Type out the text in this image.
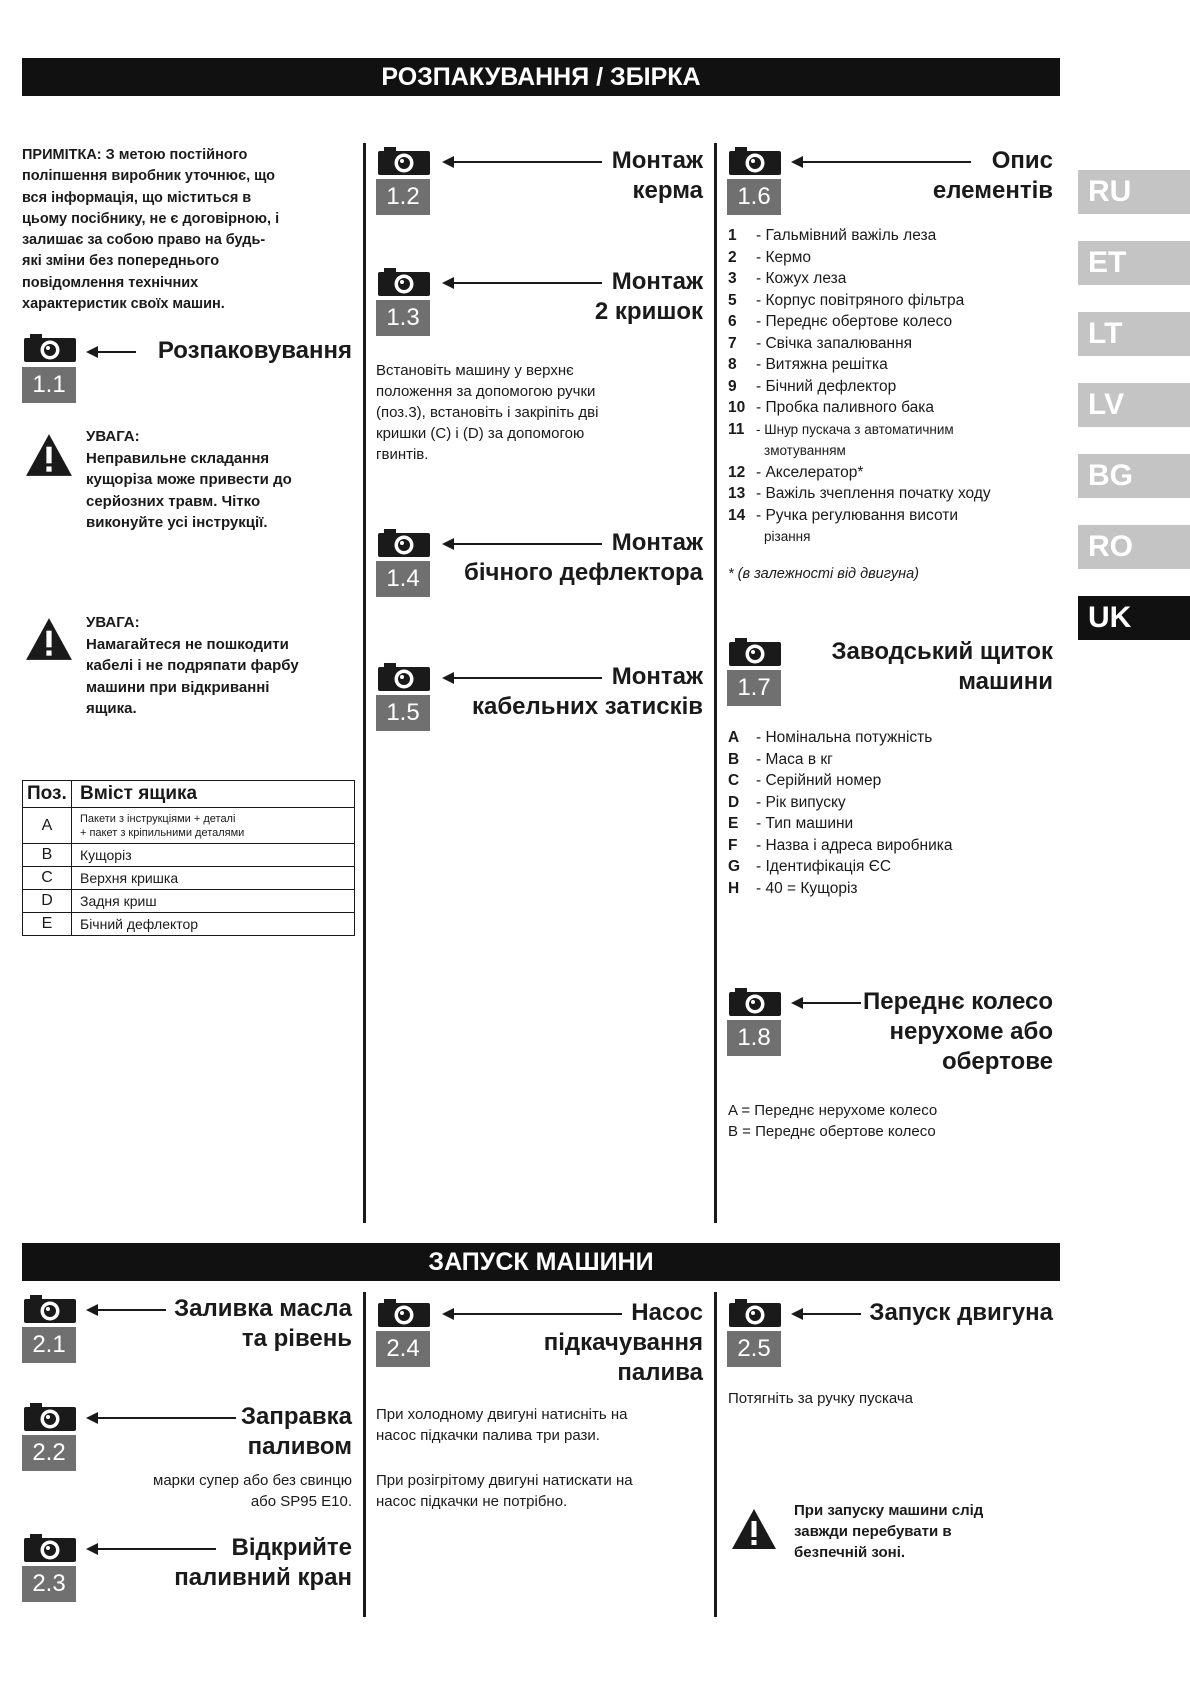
РОЗПАКУВАННЯ / ЗБІРКА
ПРИМІТКА: З метою постійного
поліпшення виробник уточнює, що
вся інформація, що міститься в
цьому посібнику, не є договірною, і
залишає за собою право на будь-
які зміни без попереднього
повідомлення технічних
характеристик своїх машин.
1.1
Розпаковування
УВАГА:
Неправильне складання
кущоріза може привести до
серйозних травм. Чітко
виконуйте усі інструкції.
УВАГА:
Намагайтеся не пошкодити
кабелі і не подряпати фарбу
машини при відкриванні
ящика.
Поз.	Вміст ящика
A	Пакети з інструкціями + деталі
+ пакет з кріпильними деталями

B	Кущоріз
C	Верхня кришка
D	Задня криш
E	Бічний дефлектор
1.2
Монтаж
керма
1.3
Монтаж
2 кришок
Встановіть машину у верхнє
положення за допомогою ручки
(поз.3), встановіть і закріпіть дві
кришки (C) і (D) за допомогою
гвинтів.
1.4
Монтаж
бічного дефлектора
1.5
Монтаж
кабельних затисків
1.6
Опис
елементів
1	- Гальмівний важіль леза
2	- Кермо
3	- Кожух леза
5	- Корпус повітряного фільтра
6	- Переднє обертове колесо
7	- Свічка запалювання
8	- Витяжна решітка
9	- Бічний дефлектор
10 - Пробка паливного бака
11 - Шнур пускача з автоматичним
змотуванням
12 - Акселератор*
13 - Важіль зчеплення початку ходу
14 - Ручка регулювання висоти
різання
* (в залежності від двигуна)
1.7
Заводський щиток
машини
A	- Номінальна потужність
B	- Маса в кг
C	- Серійний номер
D	- Рік випуску
E	- Тип машини
F	- Назва і адреса виробника
G	- Ідентифікація ЄС
H	- 40 = Кущоріз
1.8
Переднє колесо
нерухоме або
обертове
A = Переднє нерухоме колесо
B = Переднє обертове колесо
RU
ET
LT
LV
BG
RO
UK
ЗАПУСК МАШИНИ
2.1
Заливка масла
та рівень
2.2
Заправка
паливом
марки супер або без свинцю
або SP95 E10.
2.3
Відкрийте
паливний кран
2.4
Насос
підкачування
палива
При холодному двигуні натисніть на
насос підкачки палива три рази.
При розігрітому двигуні натискати на
насос підкачки не потрібно.
2.5
Запуск двигуна
Потягніть за ручку пускача
При запуску машини слід
завжди перебувати в
безпечній зоні.
